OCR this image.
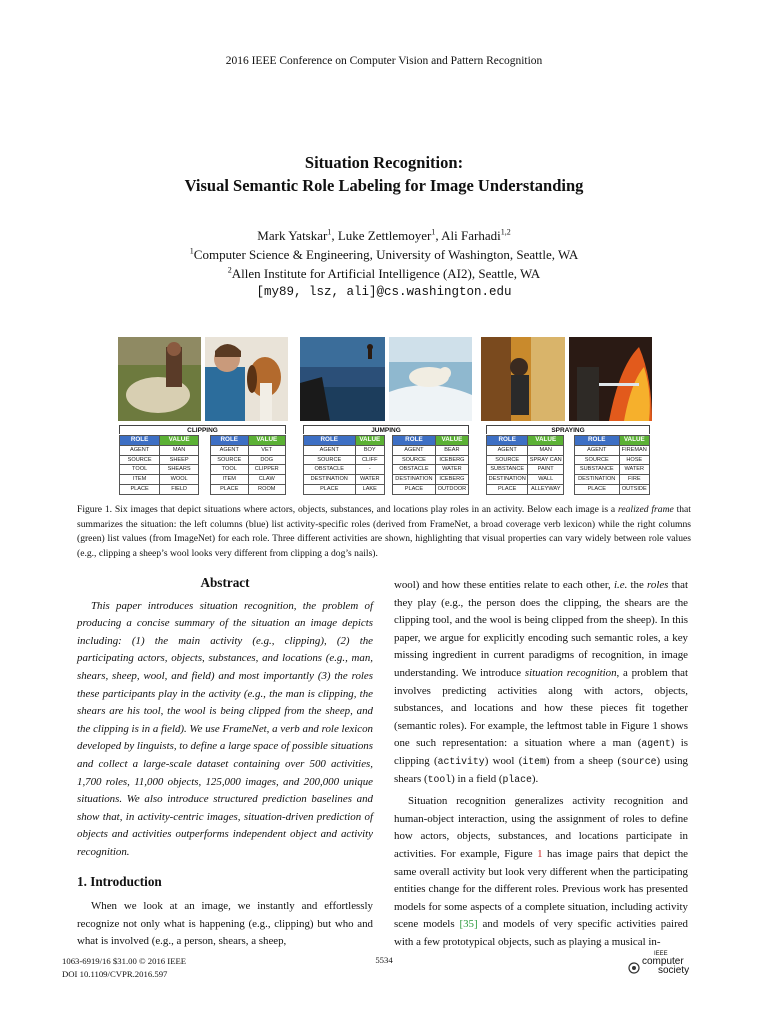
2016 IEEE Conference on Computer Vision and Pattern Recognition
Situation Recognition:
Visual Semantic Role Labeling for Image Understanding
Mark Yatskar$^1$, Luke Zettlemoyer$^1$, Ali Farhadi$^{1,2}$
$^1$Computer Science & Engineering, University of Washington, Seattle, WA
$^2$Allen Institute for Artificial Intelligence (AI2), Seattle, WA
[my89, lsz, ali]@cs.washington.edu
CLIPPING
ROLE	VALUE
AGENT	MAN
SOURCE	SHEEP
TOOL	SHEARS
ITEM	WOOL
PLACE	FIELD
ROLE	VALUE
AGENT	VET
SOURCE	DOG
TOOL	CLIPPER
ITEM	CLAW
PLACE	ROOM
JUMPING
ROLE	VALUE
AGENT	BOY
SOURCE	CLIFF
OBSTACLE	-
DESTINATION	WATER
PLACE	LAKE
ROLE	VALUE
AGENT	BEAR
SOURCE	ICEBERG
OBSTACLE	WATER
DESTINATION	ICEBERG
PLACE	OUTDOOR
SPRAYING
ROLE	VALUE
AGENT	MAN
SOURCE	SPRAY CAN
SUBSTANCE	PAINT
DESTINATION	WALL
PLACE	ALLEYWAY
ROLE	VALUE
AGENT	FIREMAN
SOURCE	HOSE
SUBSTANCE	WATER
DESTINATION	FIRE
PLACE	OUTSIDE
Figure 1. Six images that depict situations where actors, objects, substances, and locations play roles in an activity. Below each image is a realized frame that summarizes the situation: the left columns (blue) list activity-specific roles (derived from FrameNet, a broad coverage verb lexicon) while the right columns (green) list values (from ImageNet) for each role. Three different activities are shown, highlighting that visual properties can vary widely between role values (e.g., clipping a sheep’s wool looks very different from clipping a dog’s nails).
Abstract

This paper introduces situation recognition, the problem of producing a concise summary of the situation an image depicts including: (1) the main activity (e.g., clipping), (2) the participating actors, objects, substances, and locations (e.g., man, shears, sheep, wool, and field) and most importantly (3) the roles these participants play in the activity (e.g., the man is clipping, the shears are his tool, the wool is being clipped from the sheep, and the clipping is in a field). We use FrameNet, a verb and role lexicon developed by linguists, to define a large space of possible situations and collect a large-scale dataset containing over 500 activities, 1,700 roles, 11,000 objects, 125,000 images, and 200,000 unique situations. We also introduce structured prediction baselines and show that, in activity-centric images, situation-driven prediction of objects and activities outperforms independent object and activity recognition.

1. Introduction

When we look at an image, we instantly and effortlessly recognize not only what is happening (e.g., clipping) but who and what is involved (e.g., a person, shears, a sheep,

wool) and how these entities relate to each other, i.e. the roles that they play (e.g., the person does the clipping, the shears are the clipping tool, and the wool is being clipped from the sheep). In this paper, we argue for explicitly encoding such semantic roles, a key missing ingredient in current paradigms of recognition, in image understanding. We introduce situation recognition, a problem that involves predicting activities along with actors, objects, substances, and locations and how these pieces fit together (semantic roles). For example, the leftmost table in Figure 1 shows one such representation: a situation where a man (agent) is clipping (activity) wool (item) from a sheep (source) using shears (tool) in a field (place).

Situation recognition generalizes activity recognition and human-object interaction, using the assignment of roles to define how actors, objects, substances, and locations participate in activities. For example, Figure 1 has image pairs that depict the same overall activity but look very different when the participating entities change for the different roles. Previous work has presented models for some aspects of a complete situation, including activity scene models [35] and models of very specific activities paired with a few prototypical objects, such as playing a musical in-

1063-6919/16 $31.00 © 2016 IEEE
DOI 10.1109/CVPR.2016.597
5534
IEEE
computer
society
